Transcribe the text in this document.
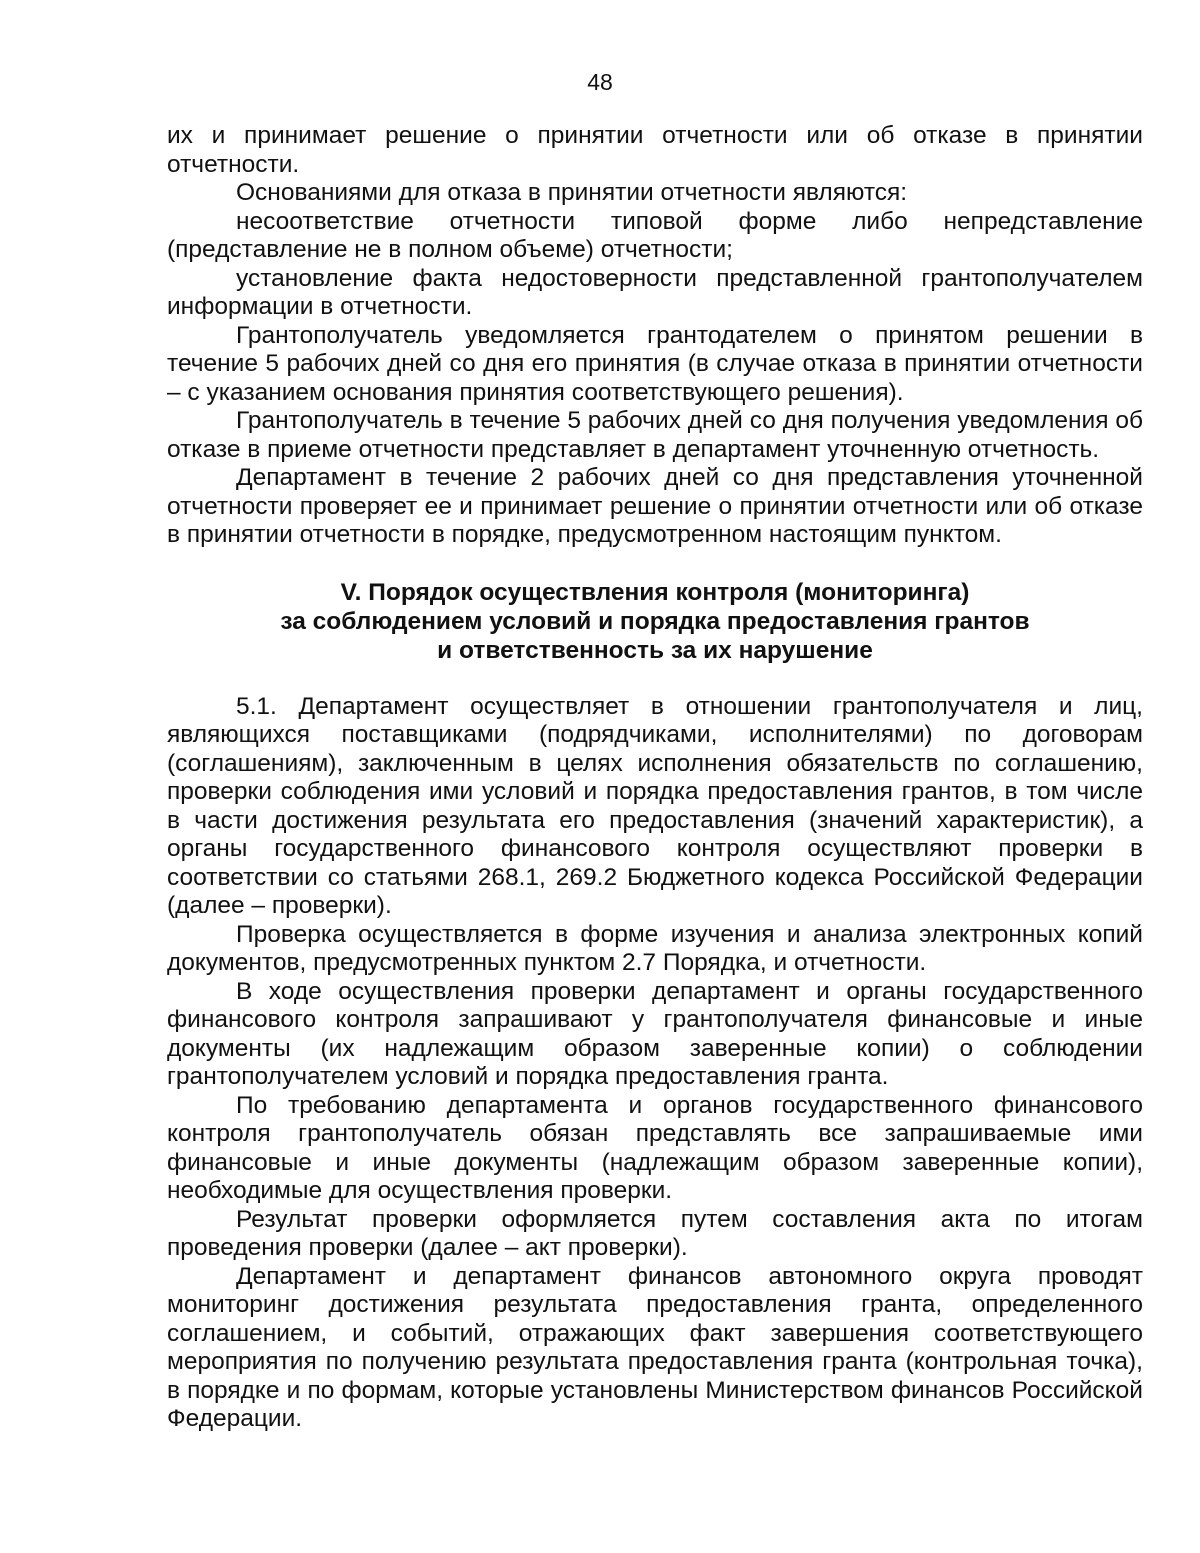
48

их и принимает решение о принятии отчетности или об отказе в принятии отчетности.

Основаниями для отказа в принятии отчетности являются:

несоответствие отчетности типовой форме либо непредставление (представление не в полном объеме) отчетности;

установление факта недостоверности представленной грантополучателем информации в отчетности.

Грантополучатель уведомляется грантодателем о принятом решении в течение 5 рабочих дней со дня его принятия (в случае отказа в принятии отчетности – с указанием основания принятия соответствующего решения).

Грантополучатель в течение 5 рабочих дней со дня получения уведомления об отказе в приеме отчетности представляет в департамент уточненную отчетность.

Департамент в течение 2 рабочих дней со дня представления уточненной отчетности проверяет ее и принимает решение о принятии отчетности или об отказе в принятии отчетности в порядке, предусмотренном настоящим пунктом.

V. Порядок осуществления контроля (мониторинга)

за соблюдением условий и порядка предоставления грантов

и ответственность за их нарушение

5.1. Департамент осуществляет в отношении грантополучателя и лиц, являющихся поставщиками (подрядчиками, исполнителями) по договорам (соглашениям), заключенным в целях исполнения обязательств по соглашению, проверки соблюдения ими условий и порядка предоставления грантов, в том числе в части достижения результата его предоставления (значений характеристик), а органы государственного финансового контроля осуществляют проверки в соответствии со статьями 268.1, 269.2 Бюджетного кодекса Российской Федерации (далее – проверки).

Проверка осуществляется в форме изучения и анализа электронных копий документов, предусмотренных пунктом 2.7 Порядка, и отчетности.

В ходе осуществления проверки департамент и органы государственного финансового контроля запрашивают у грантополучателя финансовые и иные документы (их надлежащим образом заверенные копии) о соблюдении грантополучателем условий и порядка предоставления гранта.

По требованию департамента и органов государственного финансового контроля грантополучатель обязан представлять все запрашиваемые ими финансовые и иные документы (надлежащим образом заверенные копии), необходимые для осуществления проверки.

Результат проверки оформляется путем составления акта по итогам проведения проверки (далее – акт проверки).

Департамент и департамент финансов автономного округа проводят мониторинг достижения результата предоставления гранта, определенного соглашением, и событий, отражающих факт завершения соответствующего мероприятия по получению результата предоставления гранта (контрольная точка), в порядке и по формам, которые установлены Министерством финансов Российской Федерации.
